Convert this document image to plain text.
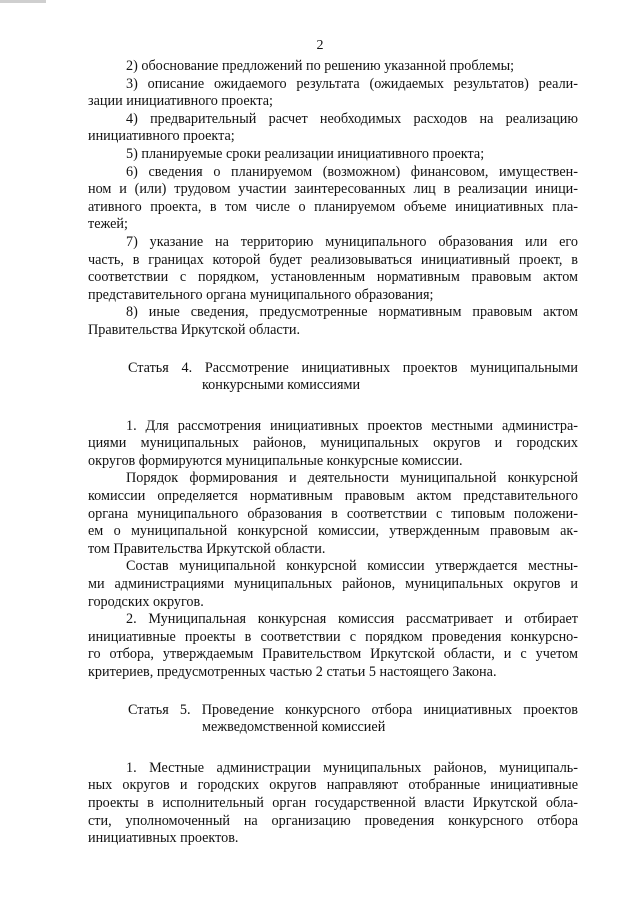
2
2) обоснование предложений по решению указанной проблемы;
3) описание ожидаемого результата (ожидаемых результатов) реали-
зации инициативного проекта;
4) предварительный расчет необходимых расходов на реализацию
инициативного проекта;
5) планируемые сроки реализации инициативного проекта;
6) сведения о планируемом (возможном) финансовом, имуществен-
ном и (или) трудовом участии заинтересованных лиц в реализации иници-
ативного проекта, в том числе о планируемом объеме инициативных пла-
тежей;
7) указание на территорию муниципального образования или его
часть, в границах которой будет реализовываться инициативный проект, в
соответствии с порядком, установленным нормативным правовым актом
представительного органа муниципального образования;
8) иные сведения, предусмотренные нормативным правовым актом
Правительства Иркутской области.
Статья 4. Рассмотрение инициативных проектов муниципальными
конкурсными комиссиями
1. Для рассмотрения инициативных проектов местными администра-
циями муниципальных районов, муниципальных округов и городских
округов формируются муниципальные конкурсные комиссии.
Порядок формирования и деятельности муниципальной конкурсной
комиссии определяется нормативным правовым актом представительного
органа муниципального образования в соответствии с типовым положени-
ем о муниципальной конкурсной комиссии, утвержденным правовым ак-
том Правительства Иркутской области.
Состав муниципальной конкурсной комиссии утверждается местны-
ми администрациями муниципальных районов, муниципальных округов и
городских округов.
2. Муниципальная конкурсная комиссия рассматривает и отбирает
инициативные проекты в соответствии с порядком проведения конкурсно-
го отбора, утверждаемым Правительством Иркутской области, и с учетом
критериев, предусмотренных частью 2 статьи 5 настоящего Закона.
Статья 5. Проведение конкурсного отбора инициативных проектов
межведомственной комиссией
1. Местные администрации муниципальных районов, муниципаль-
ных округов и городских округов направляют отобранные инициативные
проекты в исполнительный орган государственной власти Иркутской обла-
сти, уполномоченный на организацию проведения конкурсного отбора
инициативных проектов.
